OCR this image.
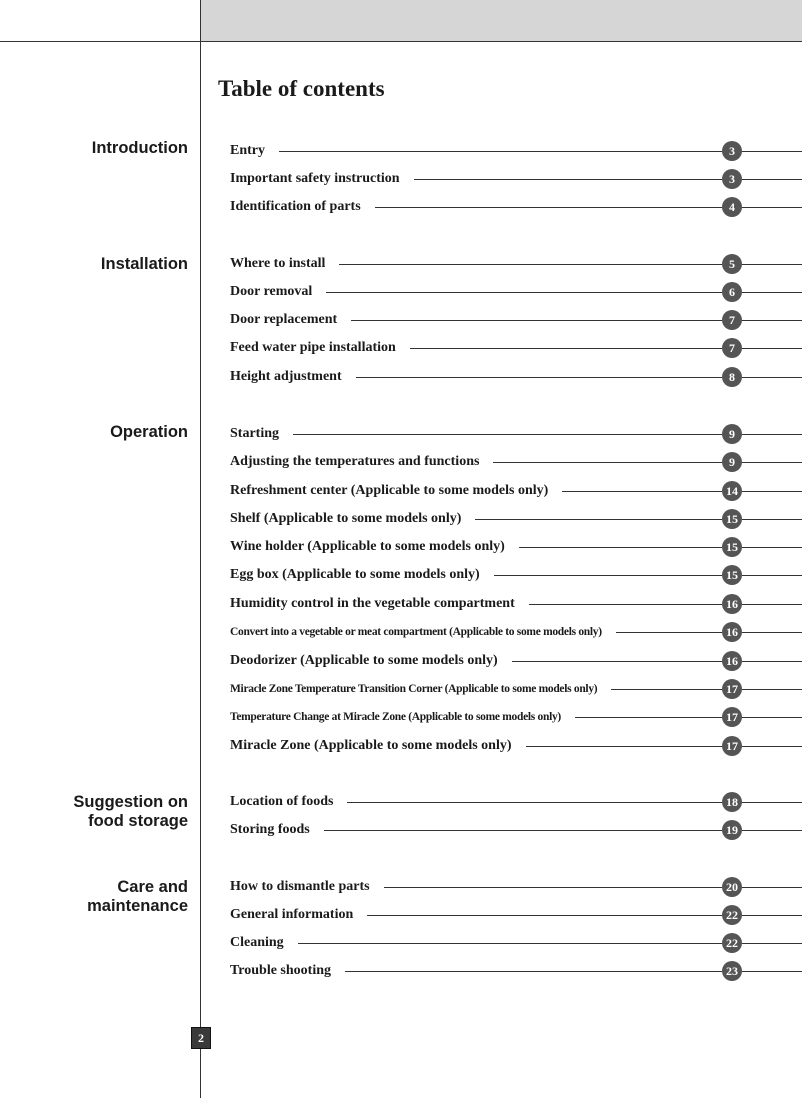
Table of contents
Introduction
Installation
Operation
Suggestion on
food storage
Care and
maintenance
Entry	3
Important safety instruction	3
Identification of parts	4
Where to install	5
Door removal	6
Door replacement	7
Feed water pipe installation	7
Height adjustment	8
Starting	9
Adjusting the temperatures and functions	9
Refreshment center (Applicable to some models only)	14
Shelf (Applicable to some models only)	15
Wine holder (Applicable to some models only)	15
Egg box (Applicable to some models only)	15
Humidity control in the vegetable compartment	16
Convert into a vegetable or meat compartment (Applicable to some models only)	16
Deodorizer (Applicable to some models only)	16
Miracle Zone Temperature Transition Corner (Applicable to some models only)	17
Temperature Change at Miracle Zone (Applicable to some models only)	17
Miracle Zone (Applicable to some models only)	17
Location of foods	18
Storing foods	19
How to dismantle parts	20
General information	22
Cleaning	22
Trouble shooting	23
2
